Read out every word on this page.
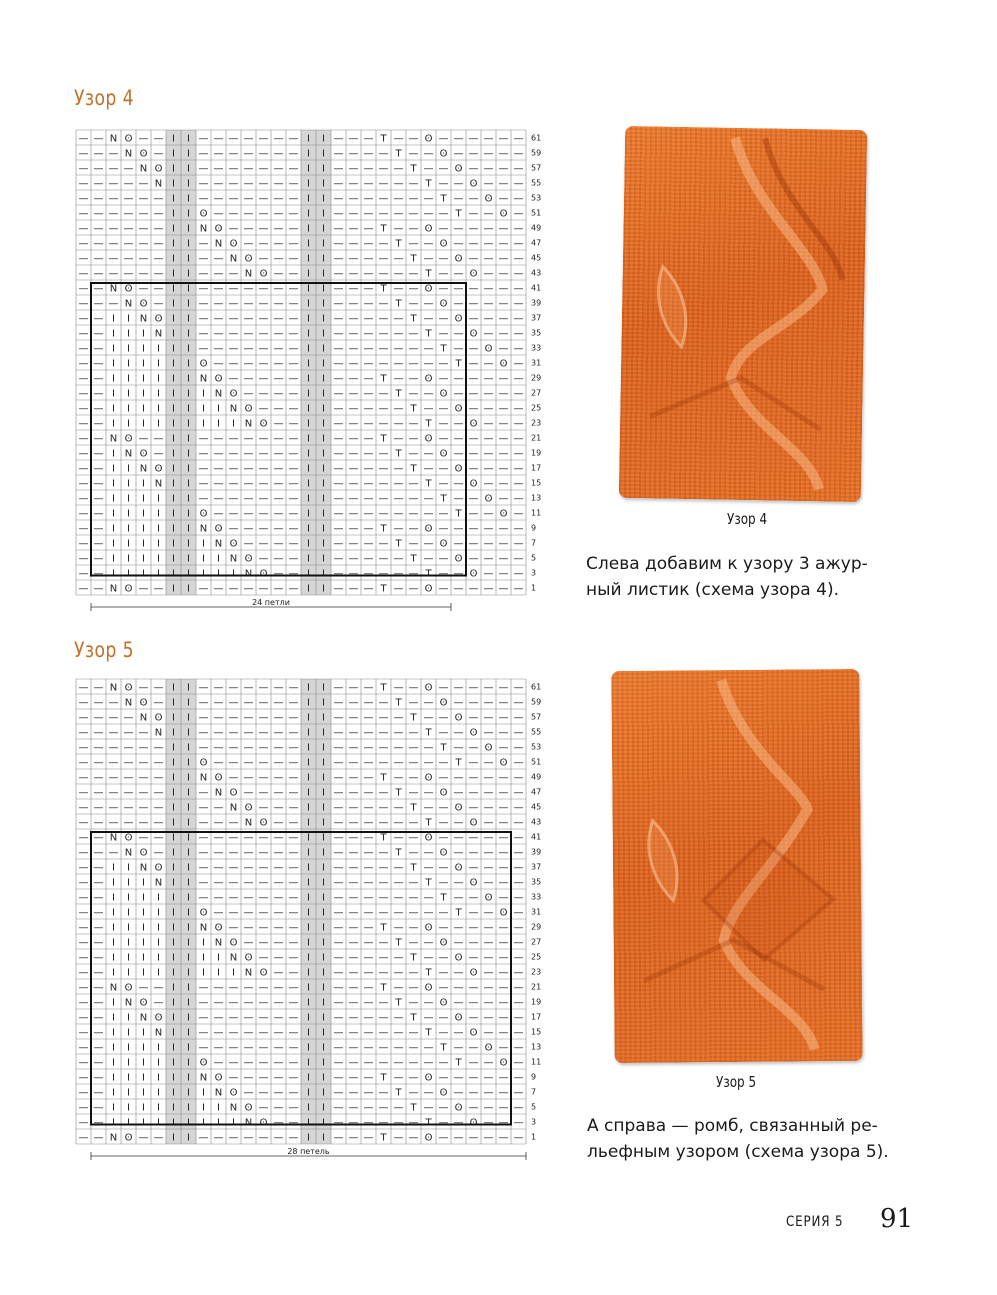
Узор 4
— — N ʘ — — I I — — — — — — — I I — — — T — — ʘ — — — — — —
— — — N ʘ — I I — — — — — — — I I — — — — T — — ʘ — — — — —
— — — — N ʘ I I — — — — — — — I I — — — — — T — — ʘ — — — —
— — — — — N I I — — — — — — — I I — — — — — — T — — ʘ — — —
— — — — — — I I — — — — — — — I I — — — — — — — T — — ʘ — —
— — — — — — I I ʘ — — — — — — I I — — — — — — — — T — — ʘ —
— — — — — — I I N ʘ — — — — — I I — — — T — — ʘ — — — — — —
— — — — — — I I — N ʘ — — — — I I — — — — T — — ʘ — — — — —
— — — — — — I I — — N ʘ — — — I I — — — — — T — — ʘ — — — —
— — — — — — I I — — — N ʘ — — I I — — — — — — T — — ʘ — — —
— — N ʘ — — I I — — — — — — — I I — — — T — — ʘ — — — — — —
— — — N ʘ — I I — — — — — — — I I — — — — T — — ʘ — — — — —
— — I I N ʘ I I — — — — — — — I I — — — — — T — — ʘ — — — —
— — I I I N I I — — — — — — — I I — — — — — — T — — ʘ — — —
— — I I I I I I — — — — — — — I I — — — — — — — T — — ʘ — —
— — I I I I I I ʘ — — — — — — I I — — — — — — — — T — — ʘ —
— — I I I I I I N ʘ — — — — — I I — — — T — — ʘ — — — — — —
— — I I I I I I I N ʘ — — — — I I — — — — T — — ʘ — — — — —
— — I I I I I I I I N ʘ — — — I I — — — — — T — — ʘ — — — —
— — I I I I I I I I I N ʘ — — I I — — — — — — T — — ʘ — — —
— — N ʘ — — I I — — — — — — — I I — — — T — — ʘ — — — — — —
— — I N ʘ — I I — — — — — — — I I — — — — T — — ʘ — — — — —
— — I I N ʘ I I — — — — — — — I I — — — — — T — — ʘ — — — —
— — I I I N I I — — — — — — — I I — — — — — — T — — ʘ — — —
— — I I I I I I — — — — — — — I I — — — — — — — T — — ʘ — —
— — I I I I I I ʘ — — — — — — I I — — — — — — — — T — — ʘ —
— — I I I I I I N ʘ — — — — — I I — — — T — — ʘ — — — — — —
— — I I I I I I I N ʘ — — — — I I — — — — T — — ʘ — — — — —
— — I I I I I I I I N ʘ — — — I I — — — — — T — — ʘ — — — —
— — I I I I I I I I I N ʘ — — I I — — — — — — T — — ʘ — — —
— — N ʘ — — I I — — — — — — — I I — — — T — — ʘ — — — — — —
61
59
57
55
53
51
49
47
45
43
41
39
37
35
33
31
29
27
25
23
21
19
17
15
13
11
9
7
5
3
1
24 петли
Узор 4
Слева добавим к узору 3 ажур-
ный листик (схема узора 4).
Узор 5
— — N ʘ — — I I — — — — — — — I I — — — T — — ʘ — — — — — —
— — — N ʘ — I I — — — — — — — I I — — — — T — — ʘ — — — — —
— — — — N ʘ I I — — — — — — — I I — — — — — T — — ʘ — — — —
— — — — — N I I — — — — — — — I I — — — — — — T — — ʘ — — —
— — — — — — I I — — — — — — — I I — — — — — — — T — — ʘ — —
— — — — — — I I ʘ — — — — — — I I — — — — — — — — T — — ʘ —
— — — — — — I I N ʘ — — — — — I I — — — T — — ʘ — — — — — —
— — — — — — I I — N ʘ — — — — I I — — — — T — — ʘ — — — — —
— — — — — — I I — — N ʘ — — — I I — — — — — T — — ʘ — — — —
— — — — — — I I — — — N ʘ — — I I — — — — — — T — — ʘ — — —
— — N ʘ — — I I — — — — — — — I I — — — T — — ʘ — — — — — —
— — — N ʘ — I I — — — — — — — I I — — — — T — — ʘ — — — — —
— — I I N ʘ I I — — — — — — — I I — — — — — T — — ʘ — — — —
— — I I I N I I — — — — — — — I I — — — — — — T — — ʘ — — —
— — I I I I I I — — — — — — — I I — — — — — — — T — — ʘ — —
— — I I I I I I ʘ — — — — — — I I — — — — — — — — T — — ʘ —
— — I I I I I I N ʘ — — — — — I I — — — T — — ʘ — — — — — —
— — I I I I I I I N ʘ — — — — I I — — — — T — — ʘ — — — — —
— — I I I I I I I I N ʘ — — — I I — — — — — T — — ʘ — — — —
— — I I I I I I I I I N ʘ — — I I — — — — — — T — — ʘ — — —
— — N ʘ — — I I — — — — — — — I I — — — T — — ʘ — — — — — —
— — I N ʘ — I I — — — — — — — I I — — — — T — — ʘ — — — — —
— — I I N ʘ I I — — — — — — — I I — — — — — T — — ʘ — — — —
— — I I I N I I — — — — — — — I I — — — — — — T — — ʘ — — —
— — I I I I I I — — — — — — — I I — — — — — — — T — — ʘ — —
— — I I I I I I ʘ — — — — — — I I — — — — — — — — T — — ʘ —
— — I I I I I I N ʘ — — — — — I I — — — T — — ʘ — — — — — —
— — I I I I I I I N ʘ — — — — I I — — — — T — — ʘ — — — — —
— — I I I I I I I I N ʘ — — — I I — — — — — T — — ʘ — — — —
— — I I I I I I I I I N ʘ — — I I — — — — — — T — — ʘ — — —
— — N ʘ — — I I — — — — — — — I I — — — T — — ʘ — — — — — —
61
59
57
55
53
51
49
47
45
43
41
39
37
35
33
31
29
27
25
23
21
19
17
15
13
11
9
7
5
3
1
28 петель
Узор 5
А справа — ромб, связанный ре-
льефным узором (схема узора 5).
СЕРИЯ 5 91
